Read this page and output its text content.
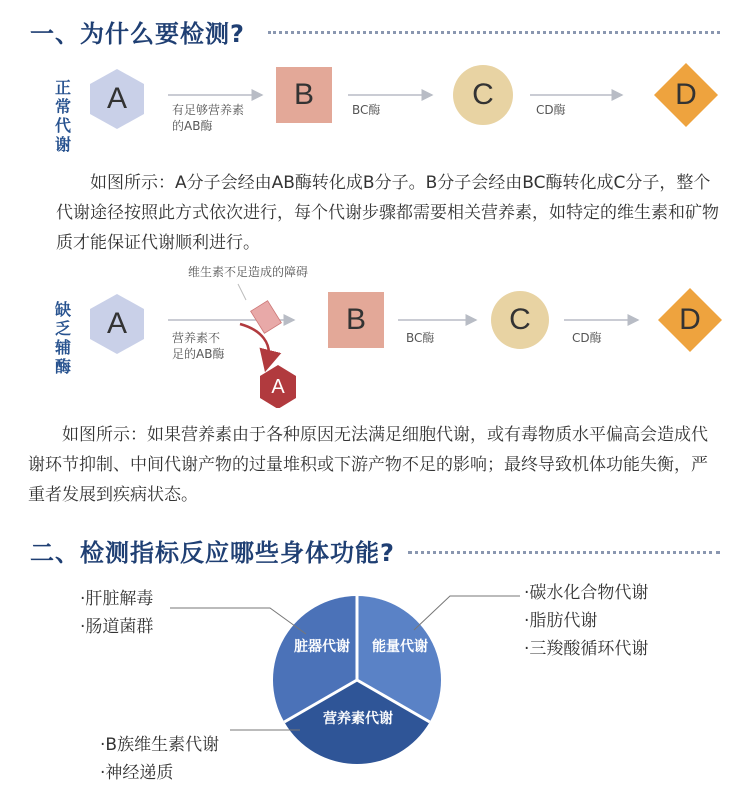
一、为什么要检测?
正常代谢
A	B	C	D
有足够营养素
的AB酶
BC酶	CD酶
如图所示：A分子会经由AB酶转化成B分子。B分子会经由BC酶转化成C分子，整个代谢途径按照此方式依次进行，每个代谢步骤都需要相关营养素，如特定的维生素和矿物质才能保证代谢顺利进行。
缺乏辅酶
维生素不足造成的障碍
A	B	C	D
A
营养素不
足的AB酶
BC酶	CD酶
如图所示：如果营养素由于各种原因无法满足细胞代谢，或有毒物质水平偏高会造成代谢环节抑制、中间代谢产物的过量堆积或下游产物不足的影响；最终导致机体功能失衡，严重者发展到疾病状态。
二、检测指标反应哪些身体功能?
脏器代谢	能量代谢
营养素代谢
·肝脏解毒
·肠道菌群
·碳水化合物代谢
·脂肪代谢
·三羧酸循环代谢
·B族维生素代谢
·神经递质
